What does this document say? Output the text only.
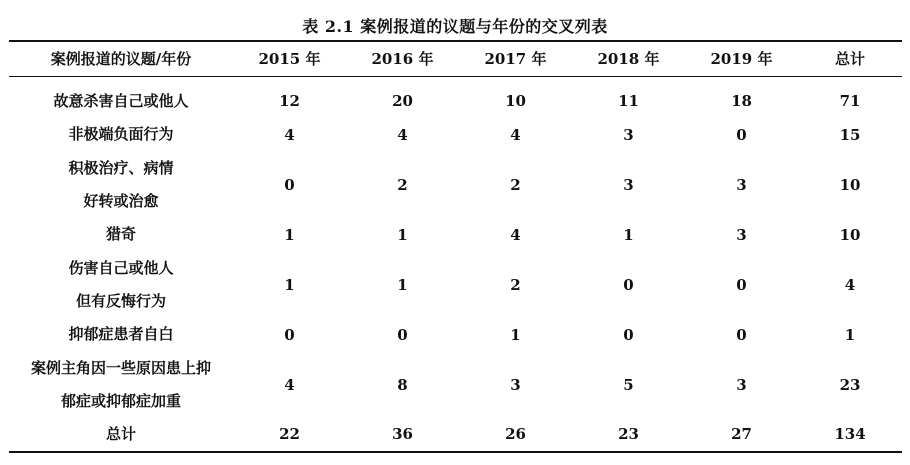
表 2.1 案例报道的议题与年份的交叉列表
案例报道的议题/年份	2015 年	2016 年	2017 年	2018 年	2019 年	总计

故意杀害自己或他人	12	20	10	11	18	71

非极端负面行为	4	4	4	3	0	15

积极治疗、病情
好转或治愈	0	2	2	3	3	10

猎奇	1	1	4	1	3	10

伤害自己或他人
但有反悔行为	1	1	2	0	0	4

抑郁症患者自白	0	0	1	0	0	1

案例主角因一些原因患上抑
郁症或抑郁症加重	4	8	3	5	3	23

总计	22	36	26	23	27	134
